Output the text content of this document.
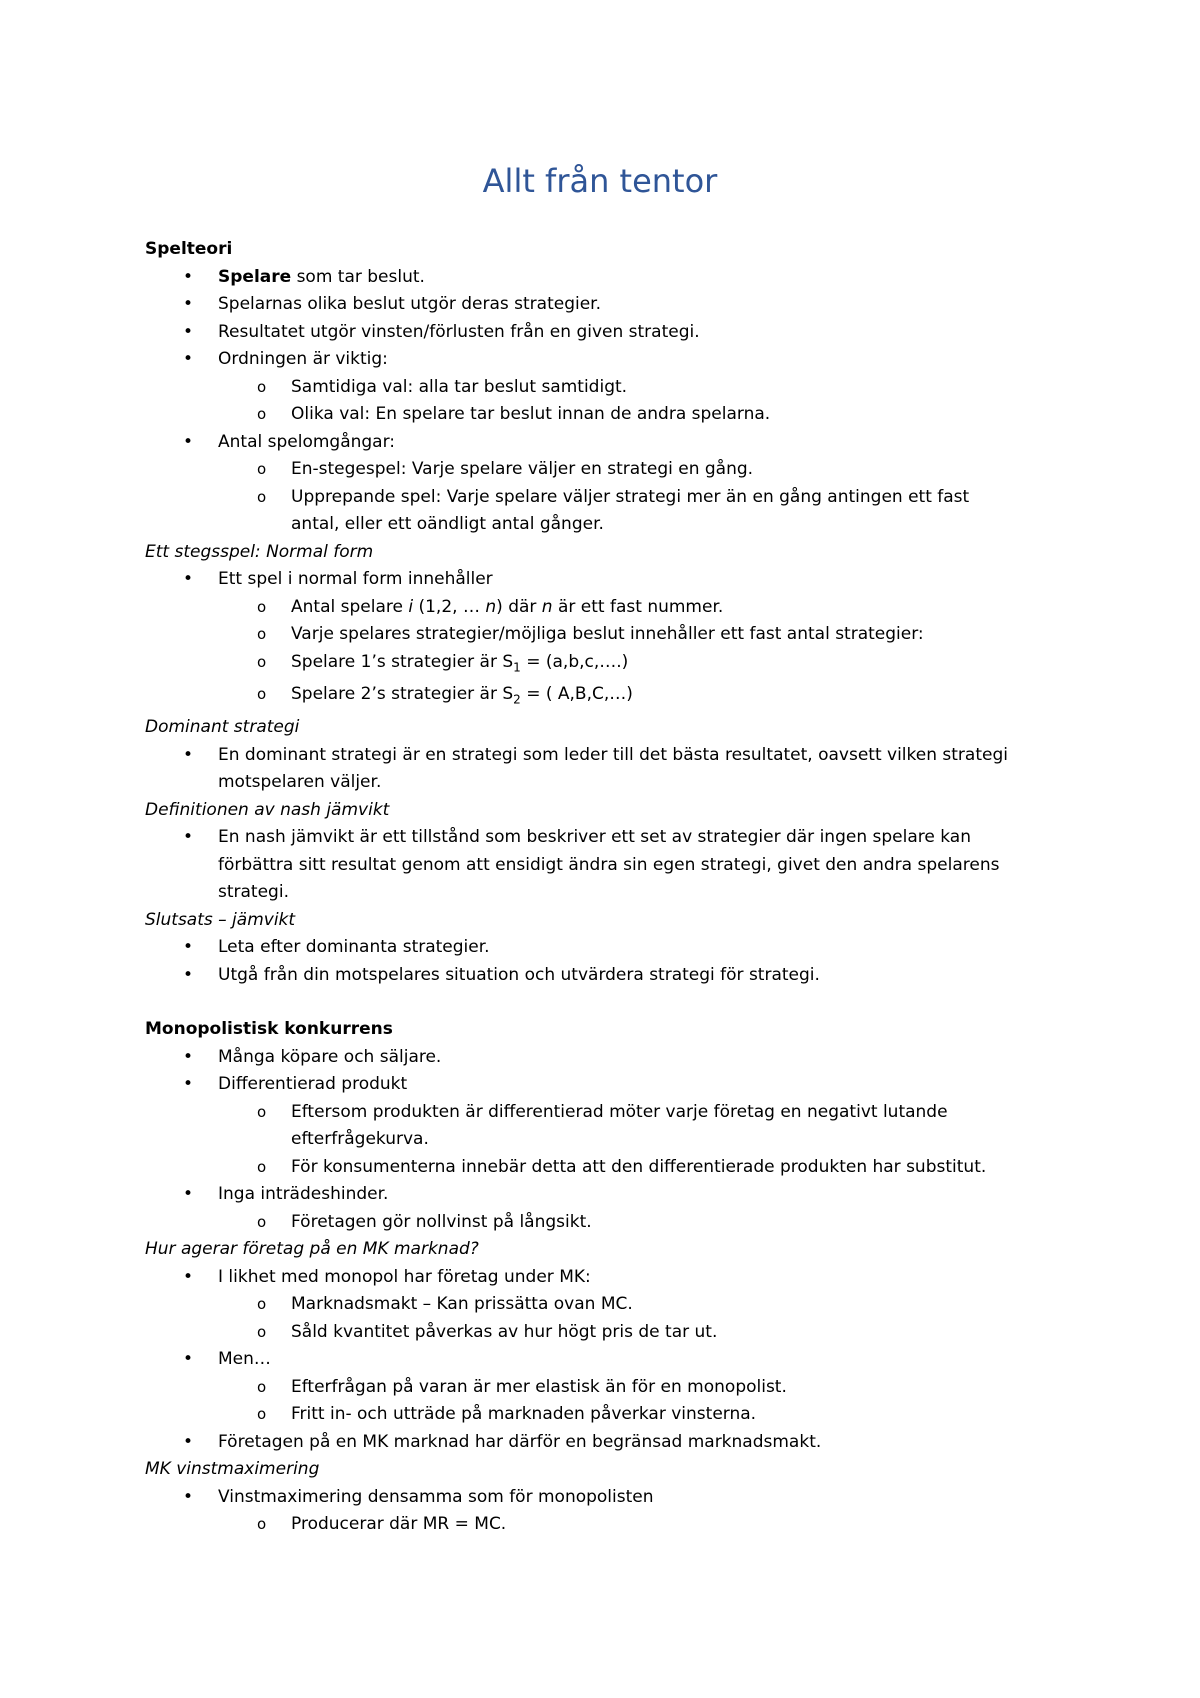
Allt från tentor
Spelteori
• Spelare som tar beslut.
• Spelarnas olika beslut utgör deras strategier.
• Resultatet utgör vinsten/förlusten från en given strategi.
• Ordningen är viktig:
o Samtidiga val: alla tar beslut samtidigt.
o Olika val: En spelare tar beslut innan de andra spelarna.
• Antal spelomgångar:
o En-stegespel: Varje spelare väljer en strategi en gång.
o Upprepande spel: Varje spelare väljer strategi mer än en gång antingen ett fast antal, eller ett oändligt antal gånger.
Ett stegsspel: Normal form
• Ett spel i normal form innehåller
o Antal spelare i (1,2, … n) där n är ett fast nummer.
o Varje spelares strategier/möjliga beslut innehåller ett fast antal strategier:
o Spelare 1’s strategier är $S_1$ = (a,b,c,….)
o Spelare 2’s strategier är $S_2$ = ( A,B,C,…)
Dominant strategi
• En dominant strategi är en strategi som leder till det bästa resultatet, oavsett vilken strategi motspelaren väljer.
Definitionen av nash jämvikt
• En nash jämvikt är ett tillstånd som beskriver ett set av strategier där ingen spelare kan förbättra sitt resultat genom att ensidigt ändra sin egen strategi, givet den andra spelarens strategi.
Slutsats – jämvikt
• Leta efter dominanta strategier.
• Utgå från din motspelares situation och utvärdera strategi för strategi.
Monopolistisk konkurrens
• Många köpare och säljare.
• Differentierad produkt
o Eftersom produkten är differentierad möter varje företag en negativt lutande efterfrågekurva.
o För konsumenterna innebär detta att den differentierade produkten har substitut.
• Inga inträdeshinder.
o Företagen gör nollvinst på långsikt.
Hur agerar företag på en MK marknad?
• I likhet med monopol har företag under MK:
o Marknadsmakt – Kan prissätta ovan MC.
o Såld kvantitet påverkas av hur högt pris de tar ut.
• Men…
o Efterfrågan på varan är mer elastisk än för en monopolist.
o Fritt in- och utträde på marknaden påverkar vinsterna.
• Företagen på en MK marknad har därför en begränsad marknadsmakt.
MK vinstmaximering
• Vinstmaximering densamma som för monopolisten
o Producerar där MR = MC.
